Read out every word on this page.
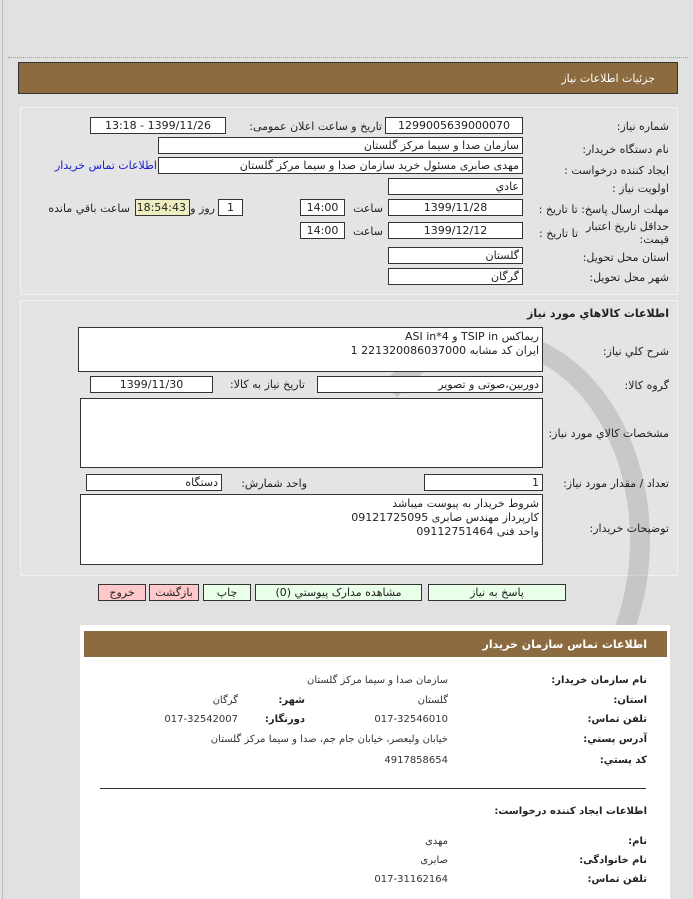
جزئيات اطلاعات نياز
شماره نیاز:
1299005639000070
تاریخ و ساعت اعلان عمومی:
1399/11/26 - 13:18
نام دستگاه خریدار:
سازمان صدا و سیما مرکز گلستان
ایجاد کننده درخواست :
مهدی صابری مسئول خرید سازمان صدا و سیما مرکز گلستان
اطلاعات تماس خریدار
اولویت نیاز :
عادي
مهلت ارسال پاسخ: تا تاریخ :
1399/11/28
ساعت
14:00
1
روز و
18:54:43
ساعت باقي مانده
حداقل تاریخ اعتبار قیمت:
تا تاریخ :
1399/12/12
ساعت
14:00
استان محل تحویل:
گلستان
شهر محل تحویل:
گرگان
اطلاعات کالاهاي مورد نياز
شرح کلي نياز:
ریماکس TSIP in و ASI in*4
ایران کد مشابه 221320086037000 1
گروه کالا:
دوربین،صوتی و تصویر
تاريخ نياز به کالا:
1399/11/30
مشخصات کالاي مورد نياز:
تعداد / مقدار مورد نياز:
1
واحد شمارش:
دستگاه
توضيحات خريدار:
شروط خریدار به پیوست میباشد
کارپرداز مهندس صابری 09121725095
واحد فنی 09112751464
پاسخ به نياز
مشاهده مدارک پيوستي (0)
چاپ
بازگشت
خروج
اطلاعات تماس سازمان خریدار
نام سازمان خریدار:
سازمان صدا و سیما مرکز گلستان
استان:
گلستان
شهر:
گرگان
تلفن تماس:
017-32546010
دورنگار:
017-32542007
آدرس پستي:
خیابان ولیعصر، خیابان جام جم، صدا و سیما مرکز گلستان
کد پستي:
4917858654
اطلاعات ایجاد کننده درخواست:
نام:
مهدی
نام خانوادگی:
صابری
تلفن تماس:
017-31162164
